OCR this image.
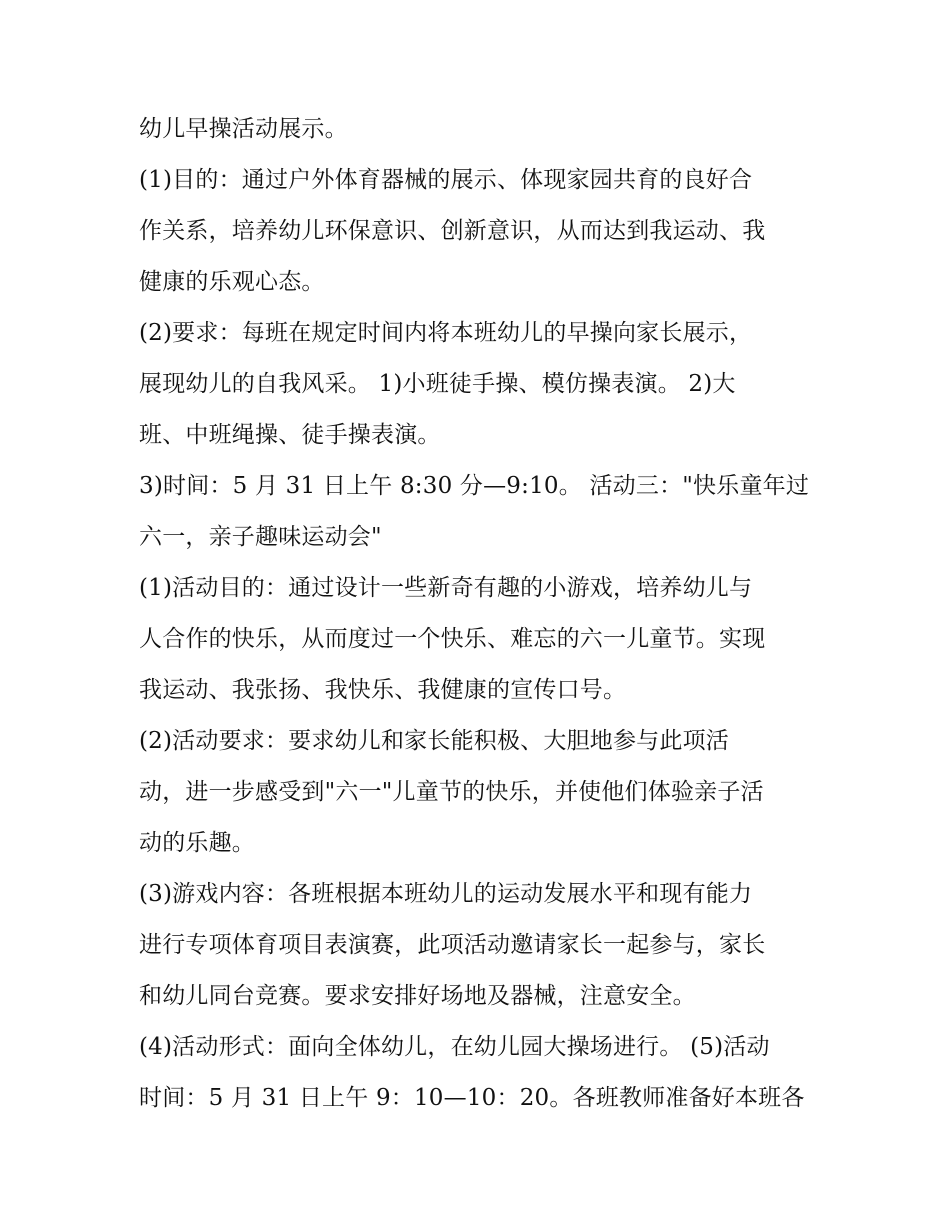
幼儿早操活动展示。
(1)目的：通过户外体育器械的展示、体现家园共育的良好合
作关系，培养幼儿环保意识、创新意识，从而达到我运动、我
健康的乐观心态。
(2)要求：每班在规定时间内将本班幼儿的早操向家长展示，
展现幼儿的自我风采。 1)小班徒手操、模仿操表演。 2)大
班、中班绳操、徒手操表演。
3)时间：5 月 31 日上午 8:30 分—9:10。 活动三："快乐童年过
六一，亲子趣味运动会"
(1)活动目的：通过设计一些新奇有趣的小游戏，培养幼儿与
人合作的快乐，从而度过一个快乐、难忘的六一儿童节。实现
我运动、我张扬、我快乐、我健康的宣传口号。
(2)活动要求：要求幼儿和家长能积极、大胆地参与此项活
动，进一步感受到"六一"儿童节的快乐，并使他们体验亲子活
动的乐趣。
(3)游戏内容：各班根据本班幼儿的运动发展水平和现有能力
进行专项体育项目表演赛，此项活动邀请家长一起参与，家长
和幼儿同台竞赛。要求安排好场地及器械，注意安全。
(4)活动形式：面向全体幼儿，在幼儿园大操场进行。 (5)活动
时间：5 月 31 日上午 9：10—10：20。各班教师准备好本班各
